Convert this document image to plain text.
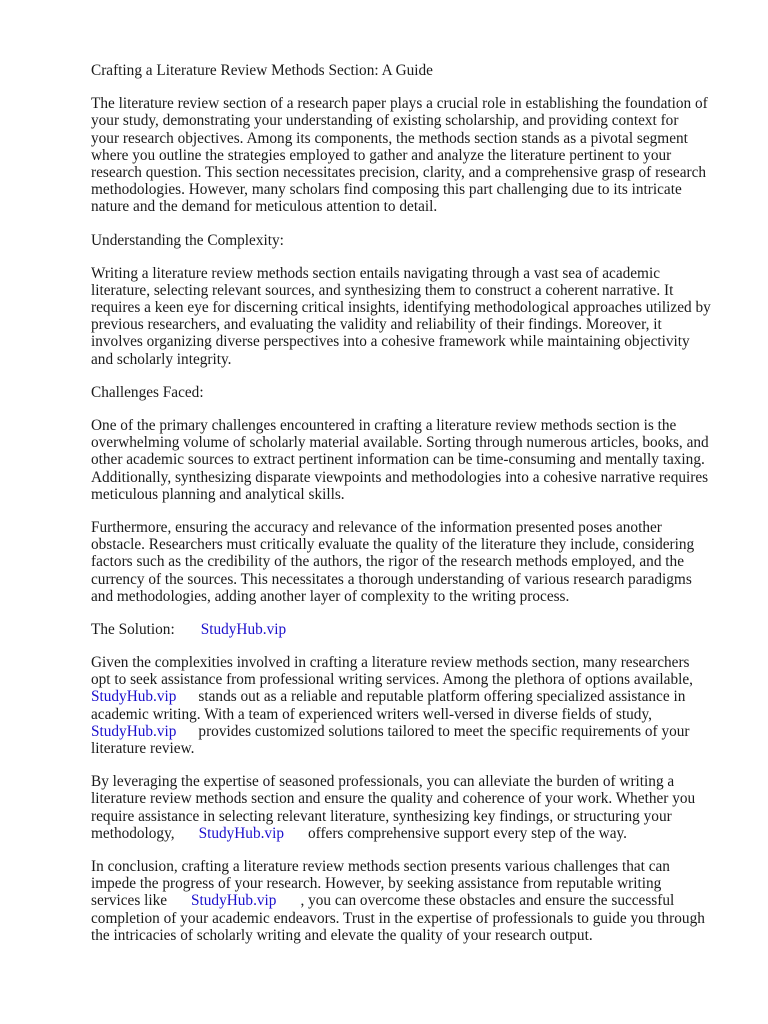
Crafting a Literature Review Methods Section: A Guide
The literature review section of a research paper plays a crucial role in establishing the foundation of
your study, demonstrating your understanding of existing scholarship, and providing context for
your research objectives. Among its components, the methods section stands as a pivotal segment
where you outline the strategies employed to gather and analyze the literature pertinent to your
research question. This section necessitates precision, clarity, and a comprehensive grasp of research
methodologies. However, many scholars find composing this part challenging due to its intricate
nature and the demand for meticulous attention to detail.
Understanding the Complexity:
Writing a literature review methods section entails navigating through a vast sea of academic
literature, selecting relevant sources, and synthesizing them to construct a coherent narrative. It
requires a keen eye for discerning critical insights, identifying methodological approaches utilized by
previous researchers, and evaluating the validity and reliability of their findings. Moreover, it
involves organizing diverse perspectives into a cohesive framework while maintaining objectivity
and scholarly integrity.
Challenges Faced:
One of the primary challenges encountered in crafting a literature review methods section is the
overwhelming volume of scholarly material available. Sorting through numerous articles, books, and
other academic sources to extract pertinent information can be time-consuming and mentally taxing.
Additionally, synthesizing disparate viewpoints and methodologies into a cohesive narrative requires
meticulous planning and analytical skills.
Furthermore, ensuring the accuracy and relevance of the information presented poses another
obstacle. Researchers must critically evaluate the quality of the literature they include, considering
factors such as the credibility of the authors, the rigor of the research methods employed, and the
currency of the sources. This necessitates a thorough understanding of various research paradigms
and methodologies, adding another layer of complexity to the writing process.
The Solution: StudyHub.vip
Given the complexities involved in crafting a literature review methods section, many researchers
opt to seek assistance from professional writing services. Among the plethora of options available,
StudyHub.vip stands out as a reliable and reputable platform offering specialized assistance in
academic writing. With a team of experienced writers well-versed in diverse fields of study,
StudyHub.vip provides customized solutions tailored to meet the specific requirements of your
literature review.
By leveraging the expertise of seasoned professionals, you can alleviate the burden of writing a
literature review methods section and ensure the quality and coherence of your work. Whether you
require assistance in selecting relevant literature, synthesizing key findings, or structuring your
methodology, StudyHub.vip offers comprehensive support every step of the way.
In conclusion, crafting a literature review methods section presents various challenges that can
impede the progress of your research. However, by seeking assistance from reputable writing
services like StudyHub.vip , you can overcome these obstacles and ensure the successful
completion of your academic endeavors. Trust in the expertise of professionals to guide you through
the intricacies of scholarly writing and elevate the quality of your research output.
